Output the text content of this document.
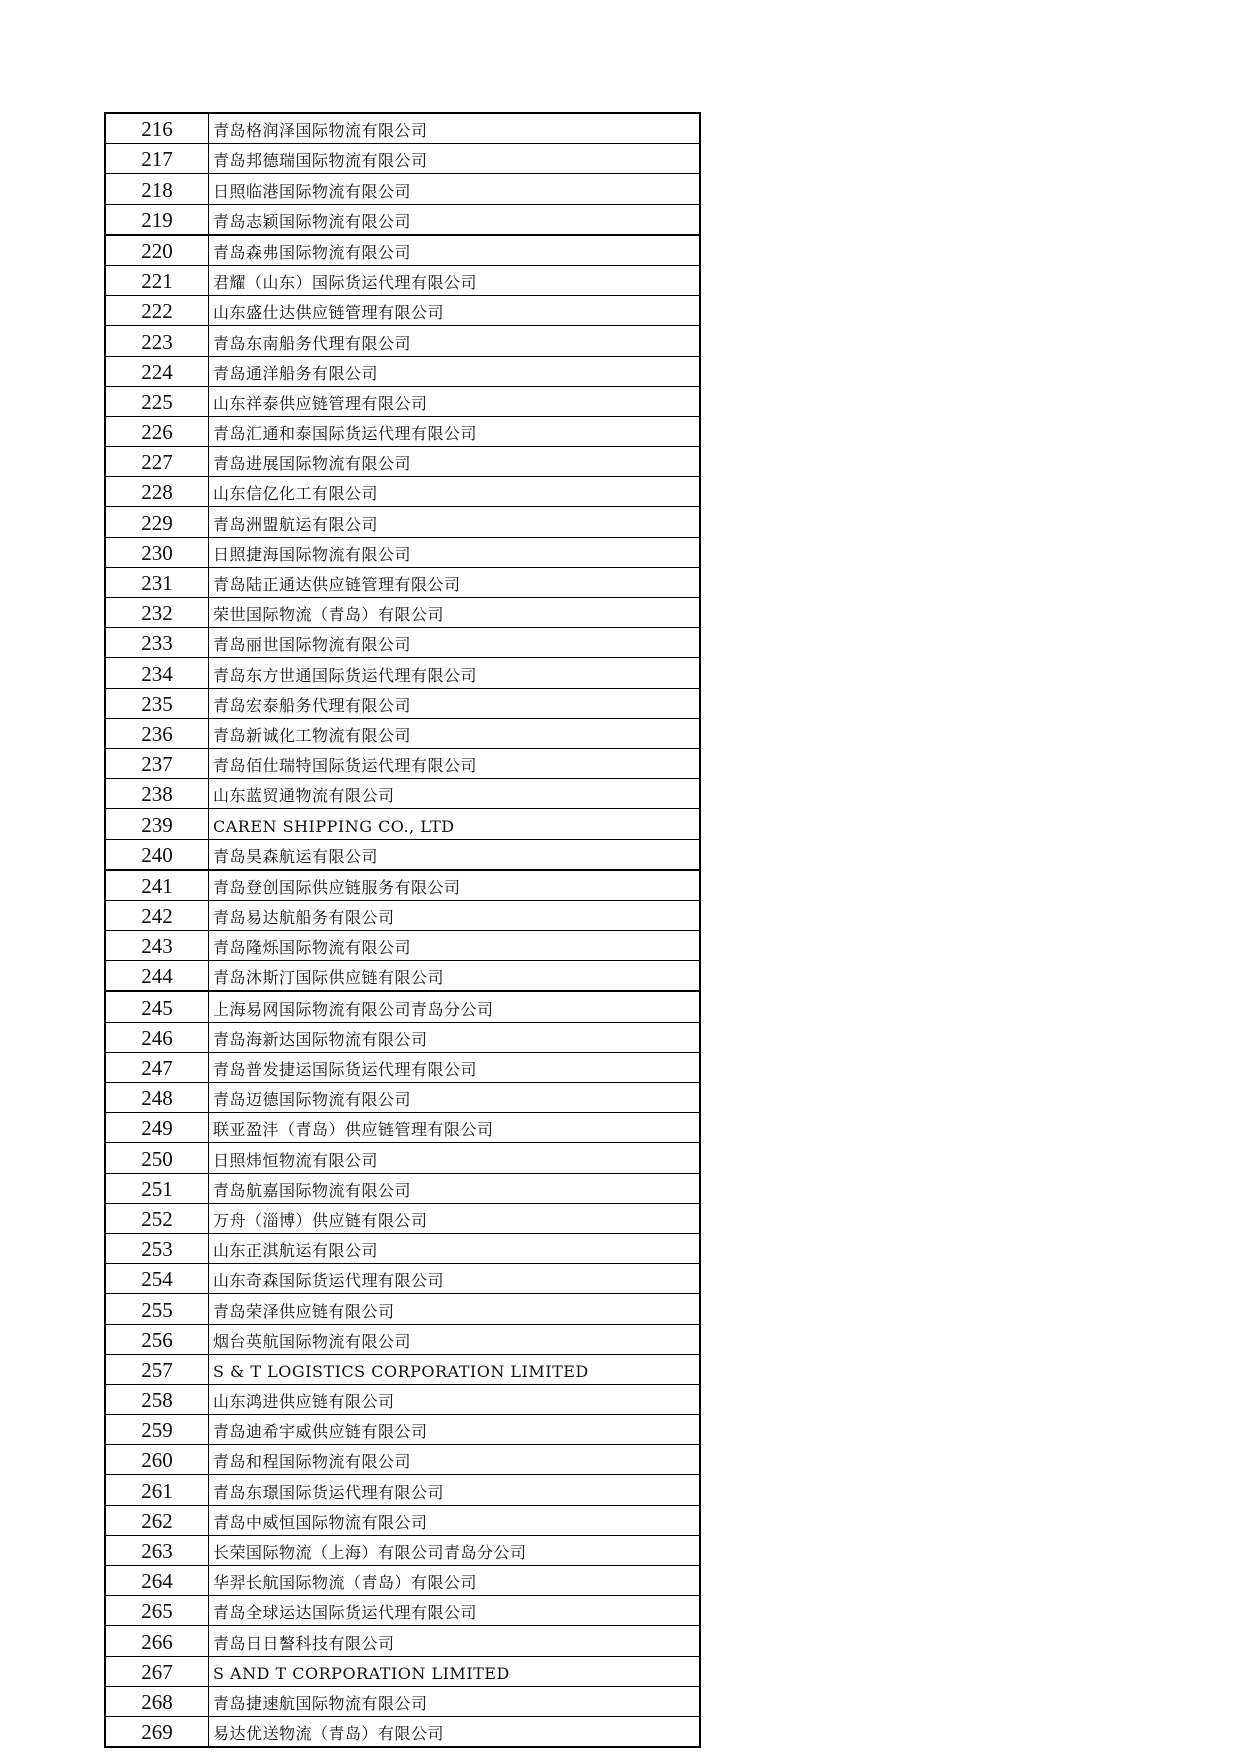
216	青岛格润泽国际物流有限公司
217	青岛邦德瑞国际物流有限公司
218	日照临港国际物流有限公司
219	青岛志颖国际物流有限公司
220	青岛森弗国际物流有限公司
221	君耀（山东）国际货运代理有限公司
222	山东盛仕达供应链管理有限公司
223	青岛东南船务代理有限公司
224	青岛通洋船务有限公司
225	山东祥泰供应链管理有限公司
226	青岛汇通和泰国际货运代理有限公司
227	青岛进展国际物流有限公司
228	山东信亿化工有限公司
229	青岛洲盟航运有限公司
230	日照捷海国际物流有限公司
231	青岛陆正通达供应链管理有限公司
232	荣世国际物流（青岛）有限公司
233	青岛丽世国际物流有限公司
234	青岛东方世通国际货运代理有限公司
235	青岛宏泰船务代理有限公司
236	青岛新诚化工物流有限公司
237	青岛佰仕瑞特国际货运代理有限公司
238	山东蓝贸通物流有限公司
239	CAREN SHIPPING CO., LTD
240	青岛昊森航运有限公司
241	青岛登创国际供应链服务有限公司
242	青岛易达航船务有限公司
243	青岛隆烁国际物流有限公司
244	青岛沐斯汀国际供应链有限公司
245	上海易网国际物流有限公司青岛分公司
246	青岛海新达国际物流有限公司
247	青岛普发捷运国际货运代理有限公司
248	青岛迈德国际物流有限公司
249	联亚盈沣（青岛）供应链管理有限公司
250	日照炜恒物流有限公司
251	青岛航嘉国际物流有限公司
252	万舟（淄博）供应链有限公司
253	山东正淇航运有限公司
254	山东奇森国际货运代理有限公司
255	青岛荣泽供应链有限公司
256	烟台英航国际物流有限公司
257	S & T LOGISTICS CORPORATION LIMITED
258	山东鸿进供应链有限公司
259	青岛迪希宇威供应链有限公司
260	青岛和程国际物流有限公司
261	青岛东璟国际货运代理有限公司
262	青岛中威恒国际物流有限公司
263	长荣国际物流（上海）有限公司青岛分公司
264	华羿长航国际物流（青岛）有限公司
265	青岛全球运达国际货运代理有限公司
266	青岛日日謷科技有限公司
267	S AND T CORPORATION LIMITED
268	青岛捷速航国际物流有限公司
269	易达优送物流（青岛）有限公司
